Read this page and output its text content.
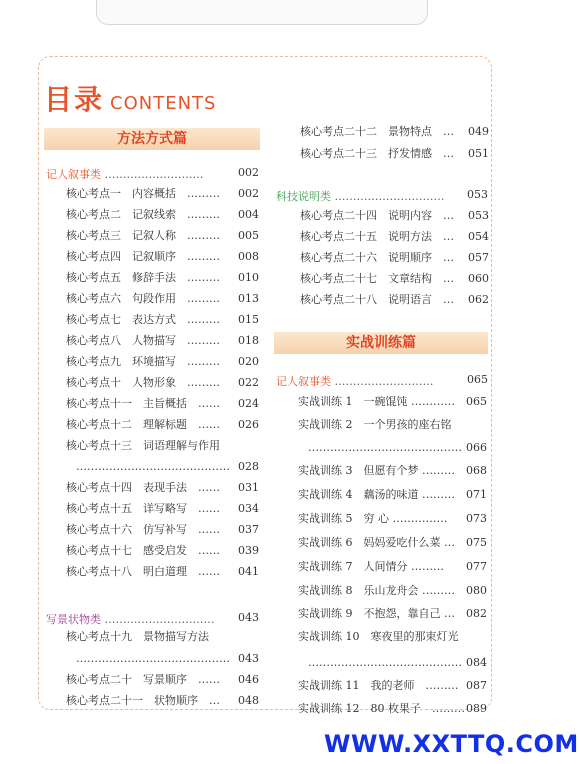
目录 CONTENTS
方法方式篇
实战训练篇
记人叙事类 ………………………	002
写景状物类 ………………………… 043
核心考点一　内容概括　……… 002
核心考点二　记叙线索　……… 004
核心考点三　记叙人称　……… 005
核心考点四　记叙顺序　……… 008
核心考点五　修辞手法　……… 010
核心考点六　句段作用　……… 013
核心考点七　表达方式　……… 015
核心考点八　人物描写　……… 018
核心考点九　环境描写　……… 020
核心考点十　人物形象　……… 022
核心考点十一　主旨概括　…… 024
核心考点十二　理解标题　…… 026
核心考点十三　词语理解与作用
…………………………………… 028
核心考点十四　表现手法　…… 031
核心考点十五　详写略写　…… 034
核心考点十六　仿写补写　…… 037
核心考点十七　感受启发　…… 039
核心考点十八　明白道理　…… 041
核心考点十九　景物描写方法
…………………………………… 043
核心考点二十　写景顺序　…… 046
核心考点二十一　状物顺序　… 048
核心考点二十二　景物特点　… 049
核心考点二十三　抒发情感　… 051
科技说明类 ………………………… 053
核心考点二十四　说明内容　… 053
核心考点二十五　说明方法　… 054
核心考点二十六　说明顺序　… 057
核心考点二十七　文章结构　… 060
核心考点二十八　说明语言　… 062
记人叙事类 ………………………	065
实战训练 1　一碗馄饨 ………… 065
实战训练 2　一个男孩的座右铭
…………………………………… 066
实战训练 3　但愿有个梦 ……… 068
实战训练 4　藕汤的味道 ……… 071
实战训练 5　穷 心 …………… 073
实战训练 6　妈妈爱吃什么菜 … 075
实战训练 7　人间情分 ……… 077
实战训练 8　乐山龙舟会 ……… 080
实战训练 9　不抱怨，靠自己 … 082
实战训练 10　寒夜里的那束灯光
…………………………………… 084
实战训练 11　我的老师　……… 087
实战训练 12　80 枚果子　……… 089
WWW.XXTTQ.COM
